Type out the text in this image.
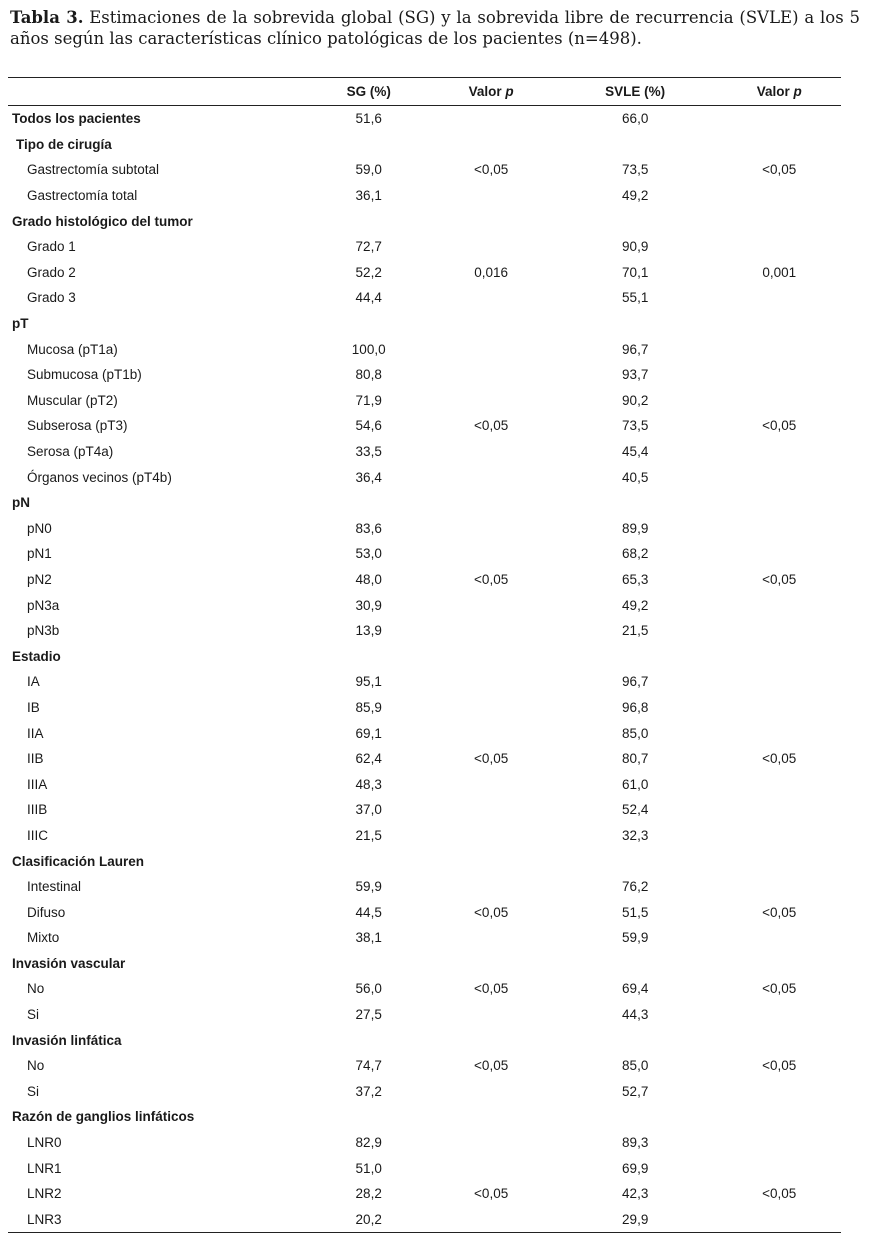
Tabla 3. Estimaciones de la sobrevida global (SG) y la sobrevida libre de recurrencia (SVLE) a los 5 años según las características clínico patológicas de los pacientes (n=498).
	SG (%)	Valor p	SVLE (%)	Valor p
Todos los pacientes	51,6		66,0	
Tipo de cirugía				
Gastrectomía subtotal	59,0	<0,05	73,5	<0,05
Gastrectomía total	36,1		49,2	
Grado histológico del tumor				
Grado 1	72,7		90,9	
Grado 2	52,2	0,016	70,1	0,001
Grado 3	44,4		55,1	
pT				
Mucosa (pT1a)	100,0		96,7	
Submucosa (pT1b)	80,8		93,7	
Muscular (pT2)	71,9		90,2	
Subserosa (pT3)	54,6	<0,05	73,5	<0,05
Serosa (pT4a)	33,5		45,4	
Órganos vecinos (pT4b)	36,4		40,5	
pN				
pN0	83,6		89,9	
pN1	53,0		68,2	
pN2	48,0	<0,05	65,3	<0,05
pN3a	30,9		49,2	
pN3b	13,9		21,5	
Estadio				
IA	95,1		96,7	
IB	85,9		96,8	
IIA	69,1		85,0	
IIB	62,4	<0,05	80,7	<0,05
IIIA	48,3		61,0	
IIIB	37,0		52,4	
IIIC	21,5		32,3	
Clasificación Lauren				
Intestinal	59,9		76,2	
Difuso	44,5	<0,05	51,5	<0,05
Mixto	38,1		59,9	
Invasión vascular				
No	56,0	<0,05	69,4	<0,05
Si	27,5		44,3	
Invasión linfática				
No	74,7	<0,05	85,0	<0,05
Si	37,2		52,7	
Razón de ganglios linfáticos				
LNR0	82,9		89,3	
LNR1	51,0		69,9	
LNR2	28,2	<0,05	42,3	<0,05
LNR3	20,2		29,9	
